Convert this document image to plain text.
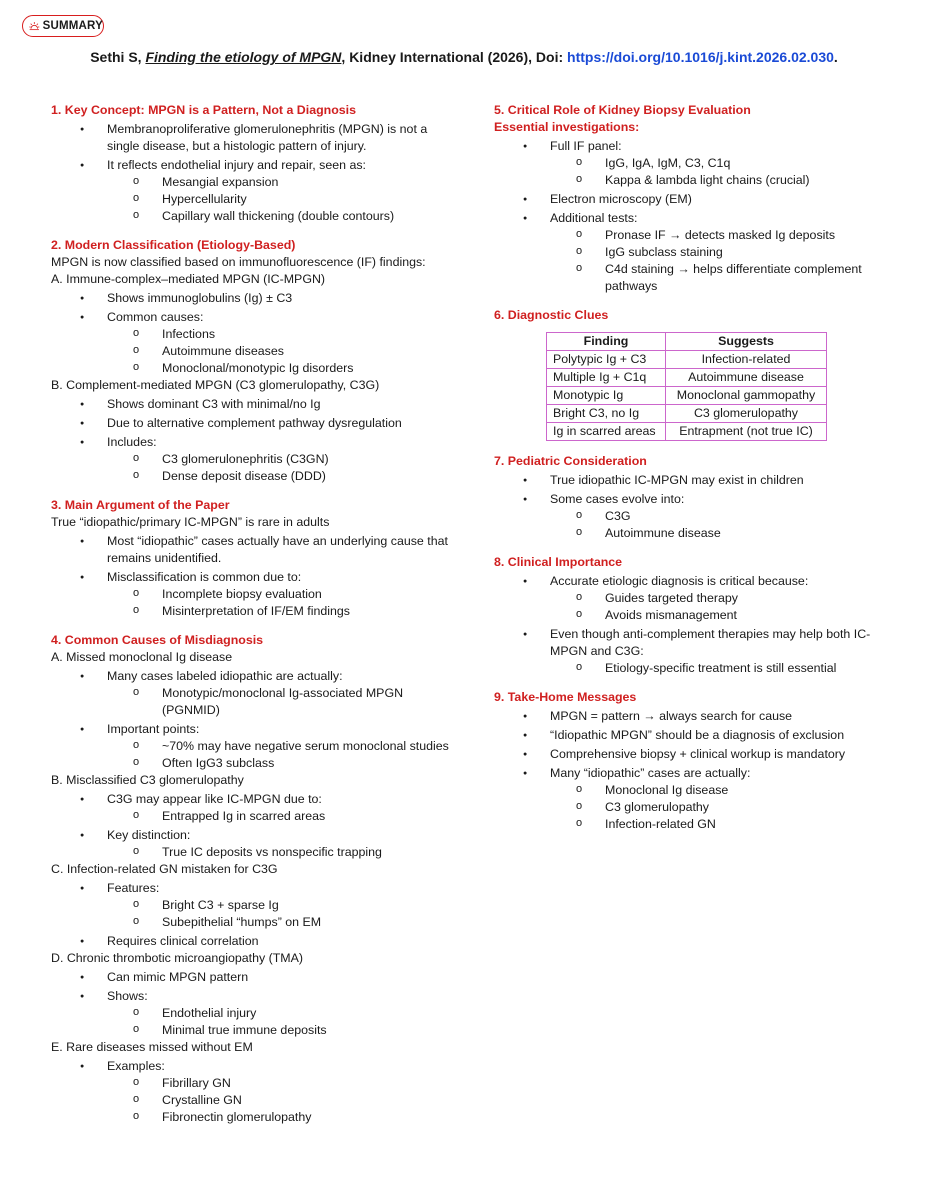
SUMMARY
Sethi S, Finding the etiology of MPGN, Kidney International (2026), Doi: https://doi.org/10.1016/j.kint.2026.02.030.
1. Key Concept: MPGN is a Pattern, Not a Diagnosis
● Membranoproliferative glomerulonephritis (MPGN) is not a single disease, but a histologic pattern of injury.
● It reflects endothelial injury and repair, seen as:
o Mesangial expansion
o Hypercellularity
o Capillary wall thickening (double contours)
2. Modern Classification (Etiology-Based)
MPGN is now classified based on immunofluorescence (IF) findings:
A. Immune-complex–mediated MPGN (IC-MPGN)
● Shows immunoglobulins (Ig) ± C3
● Common causes:
o Infections
o Autoimmune diseases
o Monoclonal/monotypic Ig disorders
B. Complement-mediated MPGN (C3 glomerulopathy, C3G)
● Shows dominant C3 with minimal/no Ig
● Due to alternative complement pathway dysregulation
● Includes:
o C3 glomerulonephritis (C3GN)
o Dense deposit disease (DDD)
3. Main Argument of the Paper
True “idiopathic/primary IC-MPGN” is rare in adults
● Most “idiopathic” cases actually have an underlying cause that remains unidentified.
● Misclassification is common due to:
o Incomplete biopsy evaluation
o Misinterpretation of IF/EM findings
4. Common Causes of Misdiagnosis
A. Missed monoclonal Ig disease
● Many cases labeled idiopathic are actually:
o Monotypic/monoclonal Ig-associated MPGN (PGNMID)
● Important points:
o ~70% may have negative serum monoclonal studies
o Often IgG3 subclass
B. Misclassified C3 glomerulopathy
● C3G may appear like IC-MPGN due to:
o Entrapped Ig in scarred areas
● Key distinction:
o True IC deposits vs nonspecific trapping
C. Infection-related GN mistaken for C3G
● Features:
o Bright C3 + sparse Ig
o Subepithelial “humps” on EM
● Requires clinical correlation
D. Chronic thrombotic microangiopathy (TMA)
● Can mimic MPGN pattern
● Shows:
o Endothelial injury
o Minimal true immune deposits
E. Rare diseases missed without EM
● Examples:
o Fibrillary GN
o Crystalline GN
o Fibronectin glomerulopathy
5. Critical Role of Kidney Biopsy Evaluation
Essential investigations:
● Full IF panel:
o IgG, IgA, IgM, C3, C1q
o Kappa & lambda light chains (crucial)
● Electron microscopy (EM)
● Additional tests:
o Pronase IF → detects masked Ig deposits
o IgG subclass staining
o C4d staining → helps differentiate complement pathways
6. Diagnostic Clues
Finding	Suggests
Polytypic Ig + C3	Infection-related
Multiple Ig + C1q	Autoimmune disease
Monotypic Ig	Monoclonal gammopathy
Bright C3, no Ig	C3 glomerulopathy
Ig in scarred areas	Entrapment (not true IC)
7. Pediatric Consideration
● True idiopathic IC-MPGN may exist in children
● Some cases evolve into:
o C3G
o Autoimmune disease
8. Clinical Importance
● Accurate etiologic diagnosis is critical because:
o Guides targeted therapy
o Avoids mismanagement
● Even though anti-complement therapies may help both IC-MPGN and C3G:
o Etiology-specific treatment is still essential
9. Take-Home Messages
● MPGN = pattern → always search for cause
● “Idiopathic MPGN” should be a diagnosis of exclusion
● Comprehensive biopsy + clinical workup is mandatory
● Many “idiopathic” cases are actually:
o Monoclonal Ig disease
o C3 glomerulopathy
o Infection-related GN
